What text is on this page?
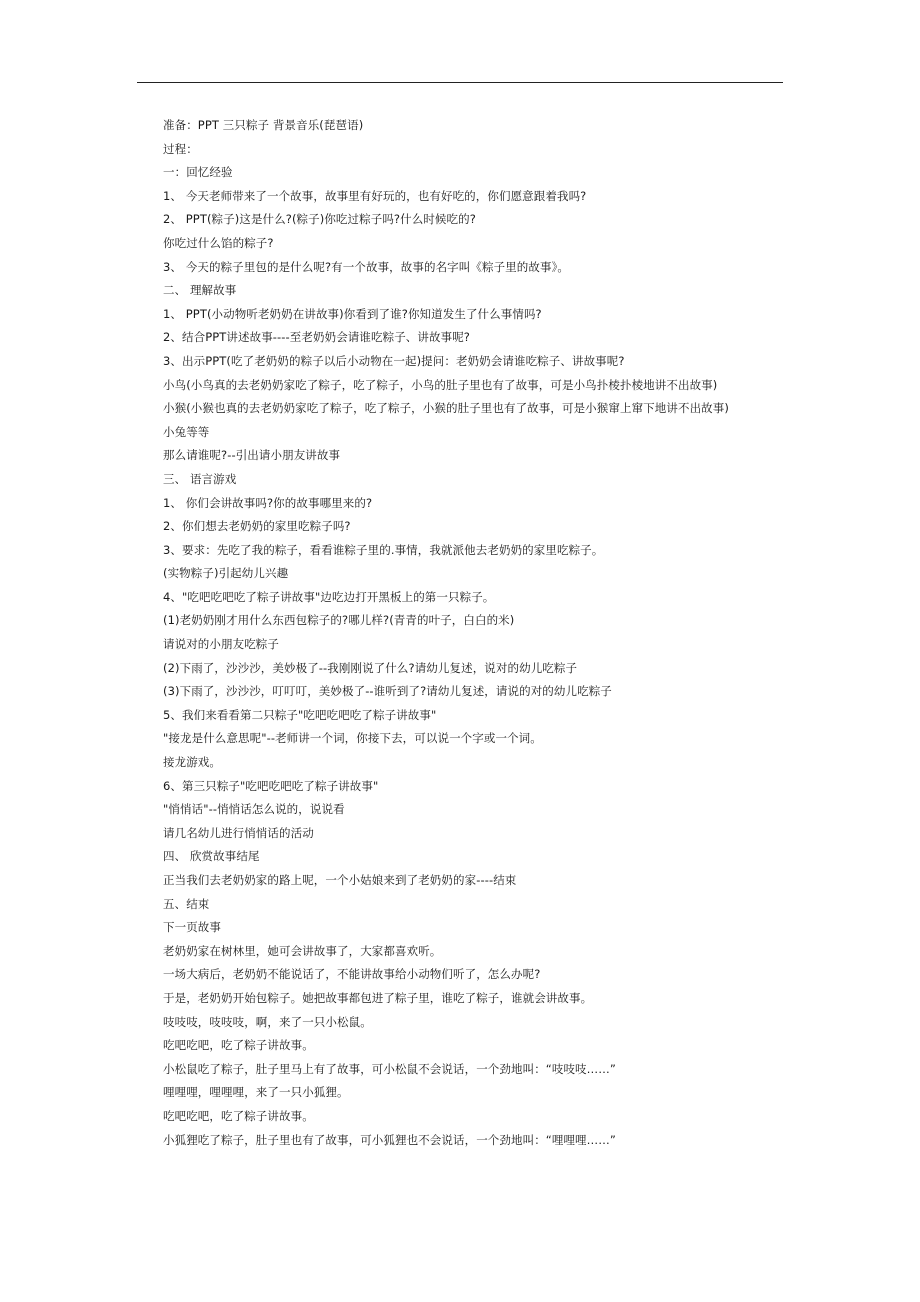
准备：PPT 三只粽子 背景音乐(琵琶语)
过程：
一：回忆经验
1、 今天老师带来了一个故事，故事里有好玩的，也有好吃的，你们愿意跟着我吗?
2、 PPT(粽子)这是什么?(粽子)你吃过粽子吗?什么时候吃的?
你吃过什么馅的粽子?
3、 今天的粽子里包的是什么呢?有一个故事，故事的名字叫《粽子里的故事》。
二、 理解故事
1、 PPT(小动物听老奶奶在讲故事)你看到了谁?你知道发生了什么事情吗?
2、结合PPT讲述故事----至老奶奶会请谁吃粽子、讲故事呢?
3、出示PPT(吃了老奶奶的粽子以后小动物在一起)提问：老奶奶会请谁吃粽子、讲故事呢?
小鸟(小鸟真的去老奶奶家吃了粽子，吃了粽子，小鸟的肚子里也有了故事，可是小鸟扑棱扑棱地讲不出故事)
小猴(小猴也真的去老奶奶家吃了粽子，吃了粽子，小猴的肚子里也有了故事，可是小猴窜上窜下地讲不出故事)
小兔等等
那么请谁呢?--引出请小朋友讲故事
三、 语言游戏
1、 你们会讲故事吗?你的故事哪里来的?
2、你们想去老奶奶的家里吃粽子吗?
3、要求：先吃了我的粽子，看看谁粽子里的.事情，我就派他去老奶奶的家里吃粽子。
(实物粽子)引起幼儿兴趣
4、"吃吧吃吧吃了粽子讲故事"边吃边打开黑板上的第一只粽子。
(1)老奶奶刚才用什么东西包粽子的?哪儿样?(青青的叶子，白白的米)
请说对的小朋友吃粽子
(2)下雨了，沙沙沙，美妙极了--我刚刚说了什么?请幼儿复述，说对的幼儿吃粽子
(3)下雨了，沙沙沙，叮叮叮，美妙极了--谁听到了?请幼儿复述，请说的对的幼儿吃粽子
5、我们来看看第二只粽子"吃吧吃吧吃了粽子讲故事"
"接龙是什么意思呢"--老师讲一个词，你接下去，可以说一个字或一个词。
接龙游戏。
6、第三只粽子"吃吧吃吧吃了粽子讲故事"
"悄悄话"--悄悄话怎么说的，说说看
请几名幼儿进行悄悄话的活动
四、 欣赏故事结尾
正当我们去老奶奶家的路上呢，一个小姑娘来到了老奶奶的家----结束
五、结束
下一页故事
老奶奶家在树林里，她可会讲故事了，大家都喜欢听。
一场大病后，老奶奶不能说话了，不能讲故事给小动物们听了，怎么办呢?
于是，老奶奶开始包粽子。她把故事都包进了粽子里，谁吃了粽子，谁就会讲故事。
吱吱吱，吱吱吱，啊，来了一只小松鼠。
吃吧吃吧，吃了粽子讲故事。
小松鼠吃了粽子，肚子里马上有了故事，可小松鼠不会说话，一个劲地叫：“吱吱吱……”
哩哩哩，哩哩哩，来了一只小狐狸。
吃吧吃吧，吃了粽子讲故事。
小狐狸吃了粽子，肚子里也有了故事，可小狐狸也不会说话，一个劲地叫：“哩哩哩……”
